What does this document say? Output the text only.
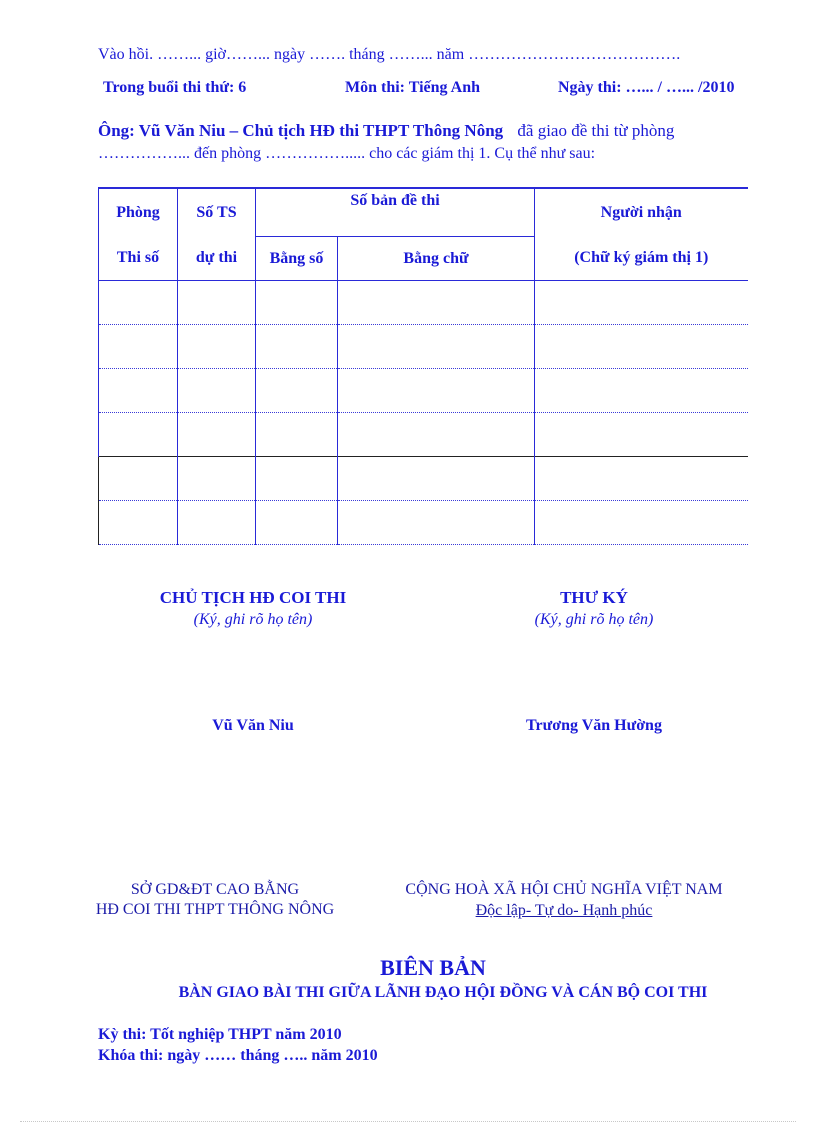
Vào hồi. ……... giờ……... ngày ……. tháng ……... năm ………………………………….
Trong buổi thi thứ: 6	Môn thi: Tiếng Anh	Ngày thi: …... / …... /2010
Ông: Vũ Văn Niu – Chủ tịch HĐ thi THPT Thông Nông đã giao đề thi từ phòng
……………... đến phòng ……………..... cho các giám thị 1. Cụ thể như sau:
Phòng	Số TS	Số bản đề thi		Người nhận
Thi số	dự thi	Bằng số	Bằng chữ	(Chữ ký giám thị 1)

CHỦ TỊCH HĐ COI THI
(Ký, ghi rõ họ tên)
Vũ Văn Niu
THƯ KÝ
(Ký, ghi rõ họ tên)
Trương Văn Hường
SỞ GD&ĐT CAO BẰNG
HĐ COI THI THPT THÔNG NÔNG
CỘNG HOÀ XÃ HỘI CHỦ NGHĨA VIỆT NAM
Độc lập- Tự do- Hạnh phúc
BIÊN BẢN
BÀN GIAO BÀI THI GIỮA LÃNH ĐẠO HỘI ĐỒNG VÀ CÁN BỘ COI THI
Kỳ thi: Tốt nghiệp THPT năm 2010
Khóa thi: ngày …… tháng ….. năm 2010
